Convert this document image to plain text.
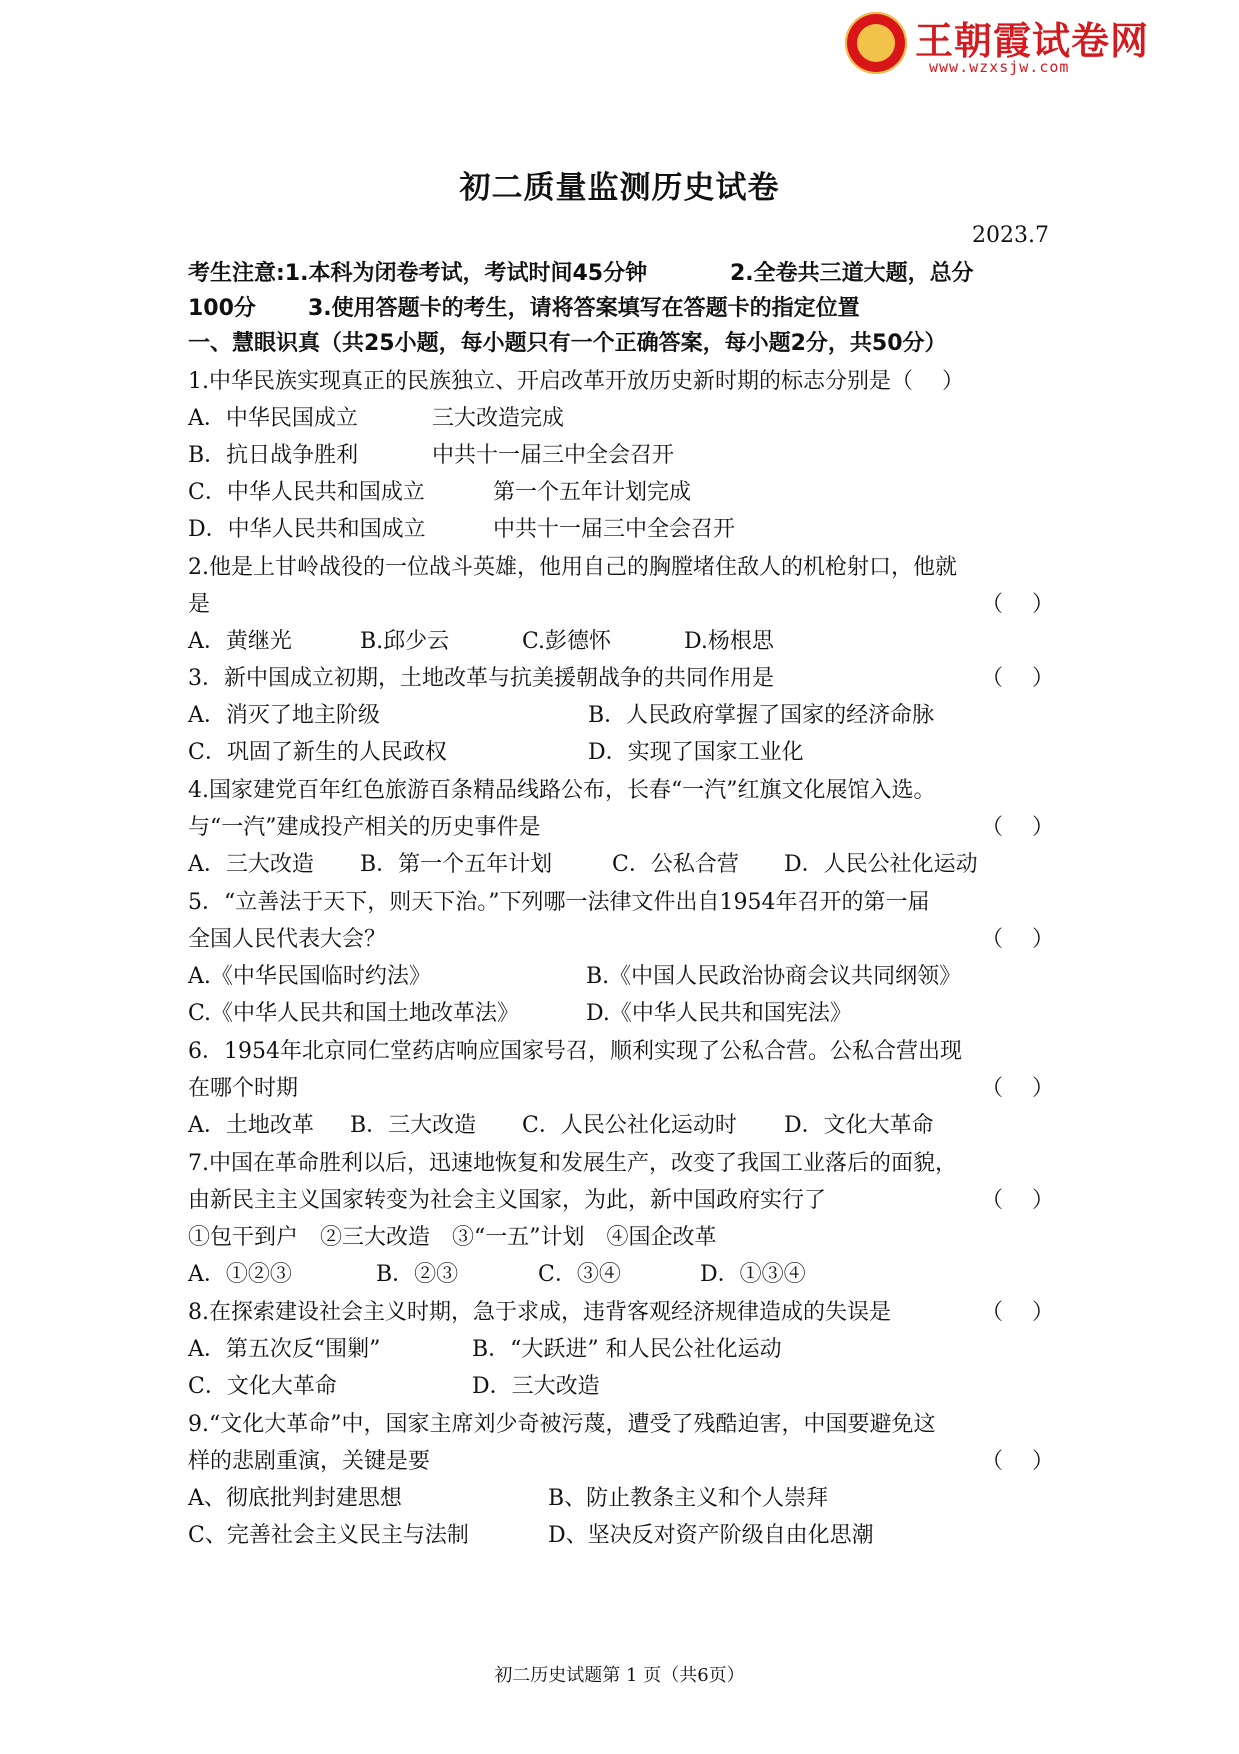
王朝霞试卷网
www.wzxsjw.com
初二质量监测历史试卷
2023.7
考生注意:1.本科为闭卷考试，考试时间45分钟	2.全卷共三道大题，总分
100分 3.使用答题卡的考生，请将答案填写在答题卡的指定位置
一、慧眼识真（共25小题，每小题只有一个正确答案，每小题2分，共50分）
1.中华民族实现真正的民族独立、开启改革开放历史新时期的标志分别是（　 ）
A．中华民国成立	三大改造完成
B．抗日战争胜利	中共十一届三中全会召开
C．中华人民共和国成立	第一个五年计划完成
D．中华人民共和国成立	中共十一届三中全会召开
2.他是上甘岭战役的一位战斗英雄，他用自己的胸膛堵住敌人的机枪射口，他就
是	（　 ）
A．黄继光	B.邱少云	C.彭德怀	D.杨根思
3．新中国成立初期，土地改革与抗美援朝战争的共同作用是	（　 ）
A．消灭了地主阶级	B．人民政府掌握了国家的经济命脉
C．巩固了新生的人民政权	D．实现了国家工业化
4.国家建党百年红色旅游百条精品线路公布，长春“一汽”红旗文化展馆入选。
与“一汽”建成投产相关的历史事件是	（　 ）
A．三大改造 B．第一个五年计划	C．公私合营 D．人民公社化运动
5．“立善法于天下，则天下治。”下列哪一法律文件出自1954年召开的第一届
全国人民代表大会？	（　 ）
A.《中华民国临时约法》	B.《中国人民政治协商会议共同纲领》
C.《中华人民共和国土地改革法》	D.《中华人民共和国宪法》
6．1954年北京同仁堂药店响应国家号召，顺利实现了公私合营。公私合营出现
在哪个时期	（　 ）
A．土地改革 B．三大改造 C．人民公社化运动时 D．文化大革命
7.中国在革命胜利以后，迅速地恢复和发展生产，改变了我国工业落后的面貌，
由新民主主义国家转变为社会主义国家，为此，新中国政府实行了	（　 ）
①包干到户　②三大改造　③“一五”计划　④国企改革
A．①②③	B．②③	C．③④	D．①③④
8.在探索建设社会主义时期，急于求成，违背客观经济规律造成的失误是	（　 ）
A．第五次反“围剿”	B．“大跃进” 和人民公社化运动
C．文化大革命	D．三大改造
9.“文化大革命”中，国家主席刘少奇被污蔑，遭受了残酷迫害，中国要避免这
样的悲剧重演，关键是要	（　 ）
A、彻底批判封建思想	B、防止教条主义和个人崇拜
C、完善社会主义民主与法制	D、坚决反对资产阶级自由化思潮
初二历史试题第 1 页（共6页）
